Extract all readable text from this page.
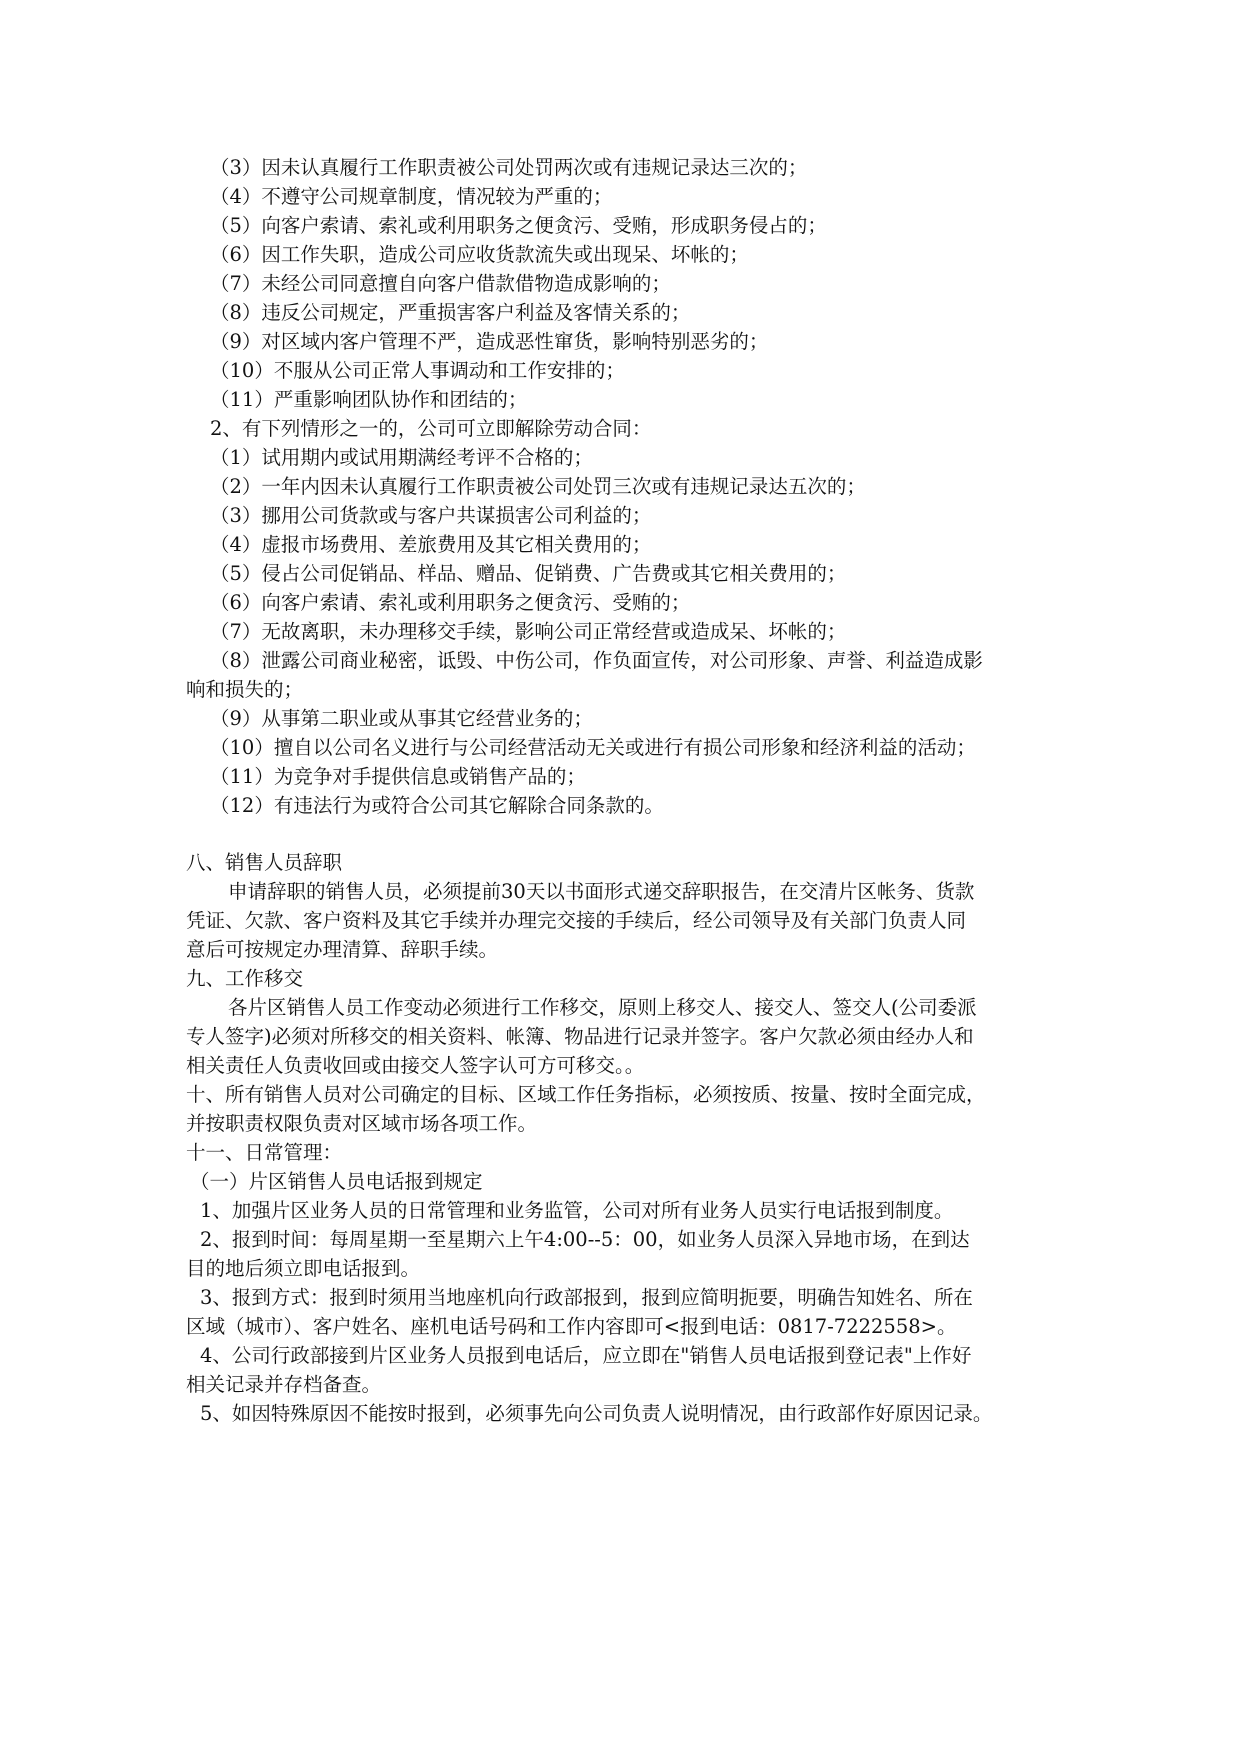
（3）因未认真履行工作职责被公司处罚两次或有违规记录达三次的；

（4）不遵守公司规章制度，情况较为严重的；

（5）向客户索请、索礼或利用职务之便贪污、受贿，形成职务侵占的；

（6）因工作失职，造成公司应收货款流失或出现呆、坏帐的；

（7）未经公司同意擅自向客户借款借物造成影响的；

（8）违反公司规定，严重损害客户利益及客情关系的；

（9）对区域内客户管理不严，造成恶性窜货，影响特别恶劣的；

（10）不服从公司正常人事调动和工作安排的；

（11）严重影响团队协作和团结的；

2、有下列情形之一的，公司可立即解除劳动合同：

（1）试用期内或试用期满经考评不合格的；

（2）一年内因未认真履行工作职责被公司处罚三次或有违规记录达五次的；

（3）挪用公司货款或与客户共谋损害公司利益的；

（4）虚报市场费用、差旅费用及其它相关费用的；

（5）侵占公司促销品、样品、赠品、促销费、广告费或其它相关费用的；

（6）向客户索请、索礼或利用职务之便贪污、受贿的；

（7）无故离职，未办理移交手续，影响公司正常经营或造成呆、坏帐的；

（8）泄露公司商业秘密，诋毁、中伤公司，作负面宣传，对公司形象、声誉、利益造成影

响和损失的；

（9）从事第二职业或从事其它经营业务的；

（10）擅自以公司名义进行与公司经营活动无关或进行有损公司形象和经济利益的活动；

（11）为竞争对手提供信息或销售产品的；

（12）有违法行为或符合公司其它解除合同条款的。

八、销售人员辞职

申请辞职的销售人员，必须提前30天以书面形式递交辞职报告，在交清片区帐务、货款

凭证、欠款、客户资料及其它手续并办理完交接的手续后，经公司领导及有关部门负责人同

意后可按规定办理清算、辞职手续。

九、工作移交

各片区销售人员工作变动必须进行工作移交，原则上移交人、接交人、签交人(公司委派

专人签字)必须对所移交的相关资料、帐簿、物品进行记录并签字。客户欠款必须由经办人和

相关责任人负责收回或由接交人签字认可方可移交。。

十、所有销售人员对公司确定的目标、区域工作任务指标，必须按质、按量、按时全面完成，

并按职责权限负责对区域市场各项工作。

十一、日常管理：

（一）片区销售人员电话报到规定

1、加强片区业务人员的日常管理和业务监管，公司对所有业务人员实行电话报到制度。

2、报到时间：每周星期一至星期六上午4:00--5：00，如业务人员深入异地市场，在到达

目的地后须立即电话报到。

3、报到方式：报到时须用当地座机向行政部报到，报到应简明扼要，明确告知姓名、所在

区域（城市）、客户姓名、座机电话号码和工作内容即可<报到电话：0817-7222558>。

4、公司行政部接到片区业务人员报到电话后，应立即在"销售人员电话报到登记表"上作好

相关记录并存档备查。

5、如因特殊原因不能按时报到，必须事先向公司负责人说明情况，由行政部作好原因记录。
